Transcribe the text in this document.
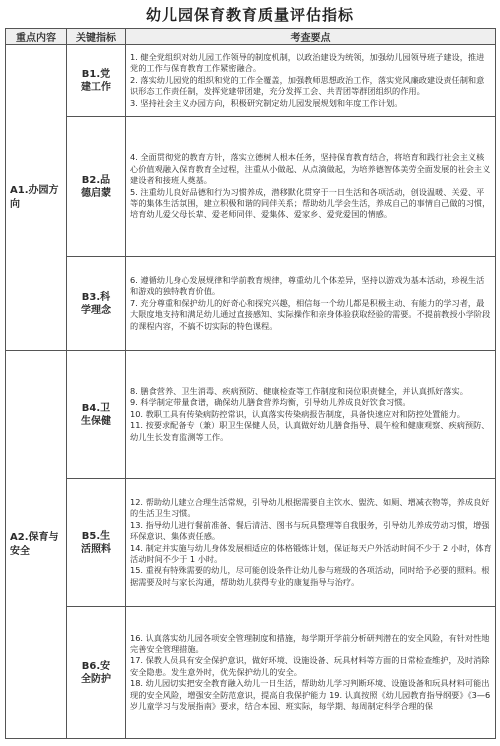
幼儿园保育教育质量评估指标
重点内容	关键指标	考查要点
A1.办园方向	B1.党建工作	1. 健全党组织对幼儿园工作领导的制度机制，以政治建设为统领，加强幼儿园领导班子建设，推进党的工作与保育教育工作紧密融合。
2. 落实幼儿园党的组织和党的工作全覆盖，加强教师思想政治工作，落实党风廉政建设责任制和意识形态工作责任制，发挥党建带团建，充分发挥工会、共青团等群团组织的作用。
3. 坚持社会主义办园方向，积极研究制定幼儿园发展规划和年度工作计划。

	B2.品德启蒙	4. 全面贯彻党的教育方针，落实立德树人根本任务，坚持保育教育结合，将培育和践行社会主义核心价值观融入保育教育全过程，注重从小做起、从点滴做起，为培养德智体美劳全面发展的社会主义建设者和接班人奠基。
5. 注重幼儿良好品德和行为习惯养成，潜移默化贯穿于一日生活和各项活动，创设温暖、关爱、平等的集体生活氛围，建立积极和谐的同伴关系；帮助幼儿学会生活，养成自己的事情自己做的习惯，培育幼儿爱父母长辈、爱老师同伴、爱集体、爱家乡、爱党爱国的情感。

	B3.科学理念	6. 遵循幼儿身心发展规律和学前教育规律，尊重幼儿个体差异，坚持以游戏为基本活动，珍视生活和游戏的独特教育价值。
7. 充分尊重和保护幼儿的好奇心和探究兴趣，相信每一个幼儿都是积极主动、有能力的学习者，最大限度地支持和满足幼儿通过直接感知、实际操作和亲身体验获取经验的需要。不提前教授小学阶段的课程内容，不搞不切实际的特色课程。

A2.保育与安全	B4.卫生保健	8. 膳食营养、卫生消毒、疾病预防、健康检查等工作制度和岗位职责健全，并认真抓好落实。
9. 科学制定带量食谱，确保幼儿膳食营养均衡，引导幼儿养成良好饮食习惯。
10. 教职工具有传染病防控常识，认真落实传染病报告制度，具备快速应对和防控处置能力。
11. 按要求配备专（兼）职卫生保健人员，认真做好幼儿膳食指导、晨午检和健康观察、疾病预防、幼儿生长发育监测等工作。

	B5.生活照料	12. 帮助幼儿建立合理生活常规，引导幼儿根据需要自主饮水、盥洗、如厕、增减衣物等，养成良好的生活卫生习惯。
13. 指导幼儿进行餐前准备、餐后清洁、图书与玩具整理等自我服务，引导幼儿养成劳动习惯，增强环保意识、集体责任感。
14. 制定并实施与幼儿身体发展相适应的体格锻炼计划，保证每天户外活动时间不少于 2 小时，体育活动时间不少于 1 小时。
15. 重视有特殊需要的幼儿，尽可能创设条件让幼儿参与班级的各项活动，同时给予必要的照料。根据需要及时与家长沟通，帮助幼儿获得专业的康复指导与治疗。

	B6.安全防护	16. 认真落实幼儿园各项安全管理制度和措施，每学期开学前分析研判潜在的安全风险，有针对性地完善安全管理措施。
17. 保教人员具有安全保护意识，做好环境、设施设备、玩具材料等方面的日常检查维护，及时消除安全隐患。发生意外时，优先保护幼儿的安全。
18. 幼儿园切实把安全教育融入幼儿一日生活，帮助幼儿学习判断环境、设施设备和玩具材料可能出现的安全风险，增强安全防范意识，提高自我保护能力 19. 认真按照《幼儿园教育指导纲要》《3—6 岁儿童学习与发展指南》要求，结合本园、班实际，每学期、每周制定科学合理的保
